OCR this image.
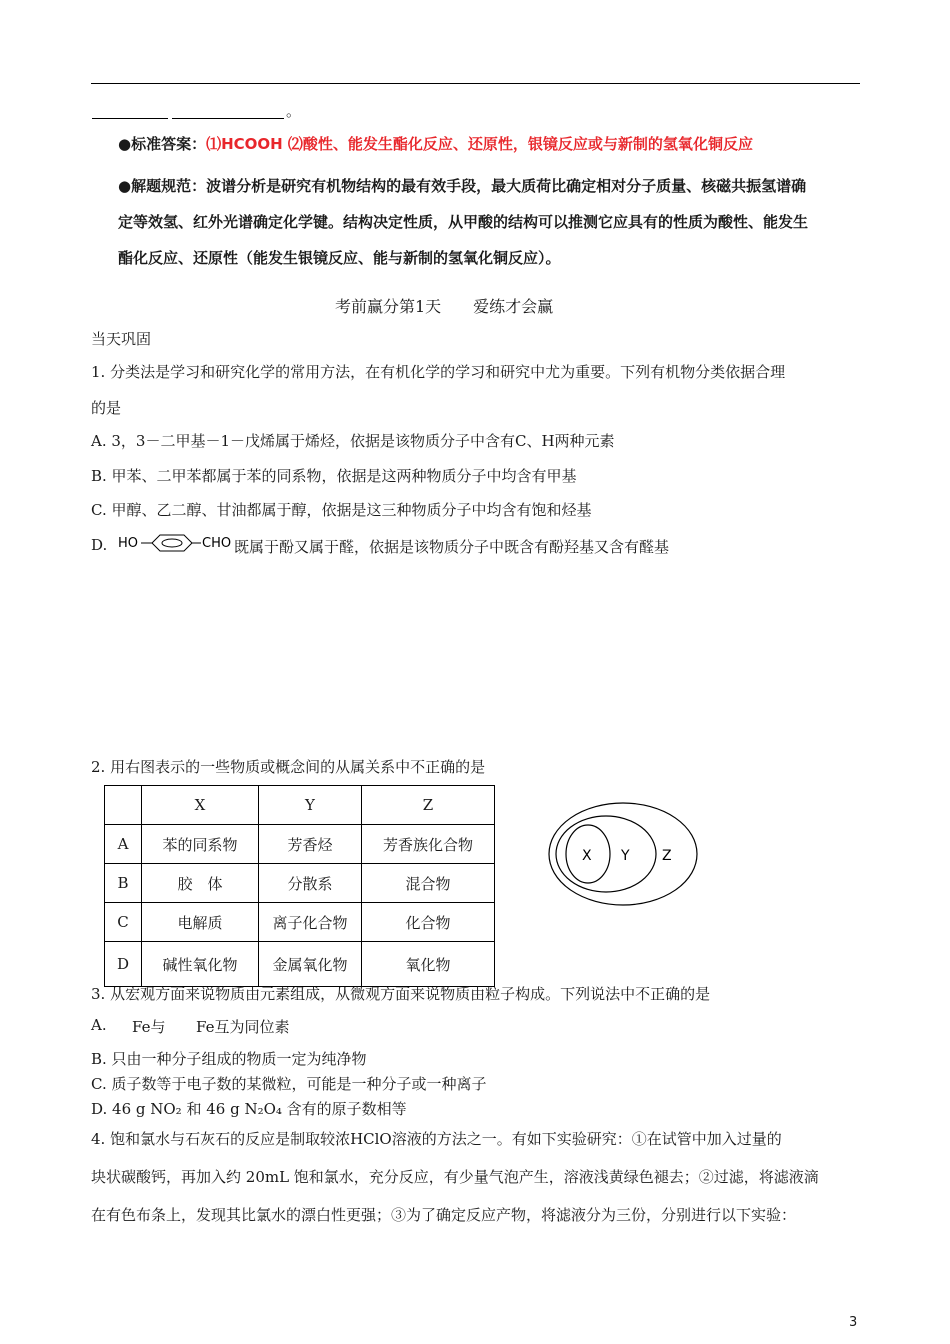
。
●标准答案：⑴HCOOH ⑵酸性、能发生酯化反应、还原性，银镜反应或与新制的氢氧化铜反应
●解题规范：波谱分析是研究有机物结构的最有效手段，最大质荷比确定相对分子质量、核磁共振氢谱确
定等效氢、红外光谱确定化学键。结构决定性质，从甲酸的结构可以推测它应具有的性质为酸性、能发生
酯化反应、还原性（能发生银镜反应、能与新制的氢氧化铜反应）。
考前赢分第1天　　爱练才会赢
当天巩固
1. 分类法是学习和研究化学的常用方法，在有机化学的学习和研究中尤为重要。下列有机物分类依据合理
的是
A. 3，3－二甲基－1－戊烯属于烯烃，依据是该物质分子中含有C、H两种元素
B. 甲苯、二甲苯都属于苯的同系物，依据是这两种物质分子中均含有甲基
C. 甲醇、乙二醇、甘油都属于醇，依据是这三种物质分子中均含有饱和烃基
D. HO	CHO 既属于酚又属于醛，依据是该物质分子中既含有酚羟基又含有醛基
2. 用右图表示的一些物质或概念间的从属关系中不正确的是
	X	Y	Z
A	苯的同系物	芳香烃	芳香族化合物
B	胶　体	分散系	混合物
C	电解质	离子化合物	化合物
D	碱性氧化物	金属氧化物	氧化物
X Y Z
3. 从宏观方面来说物质由元素组成，从微观方面来说物质由粒子构成。下列说法中不正确的是
A. Fe与 Fe互为同位素
B. 只由一种分子组成的物质一定为纯净物
C. 质子数等于电子数的某微粒，可能是一种分子或一种离子
D. 46 g NO₂ 和 46 g N₂O₄ 含有的原子数相等
4. 饱和氯水与石灰石的反应是制取较浓HClO溶液的方法之一。有如下实验研究：①在试管中加入过量的
块状碳酸钙，再加入约 20mL 饱和氯水，充分反应，有少量气泡产生，溶液浅黄绿色褪去；②过滤，将滤液滴
在有色布条上，发现其比氯水的漂白性更强；③为了确定反应产物，将滤液分为三份，分别进行以下实验：
3
